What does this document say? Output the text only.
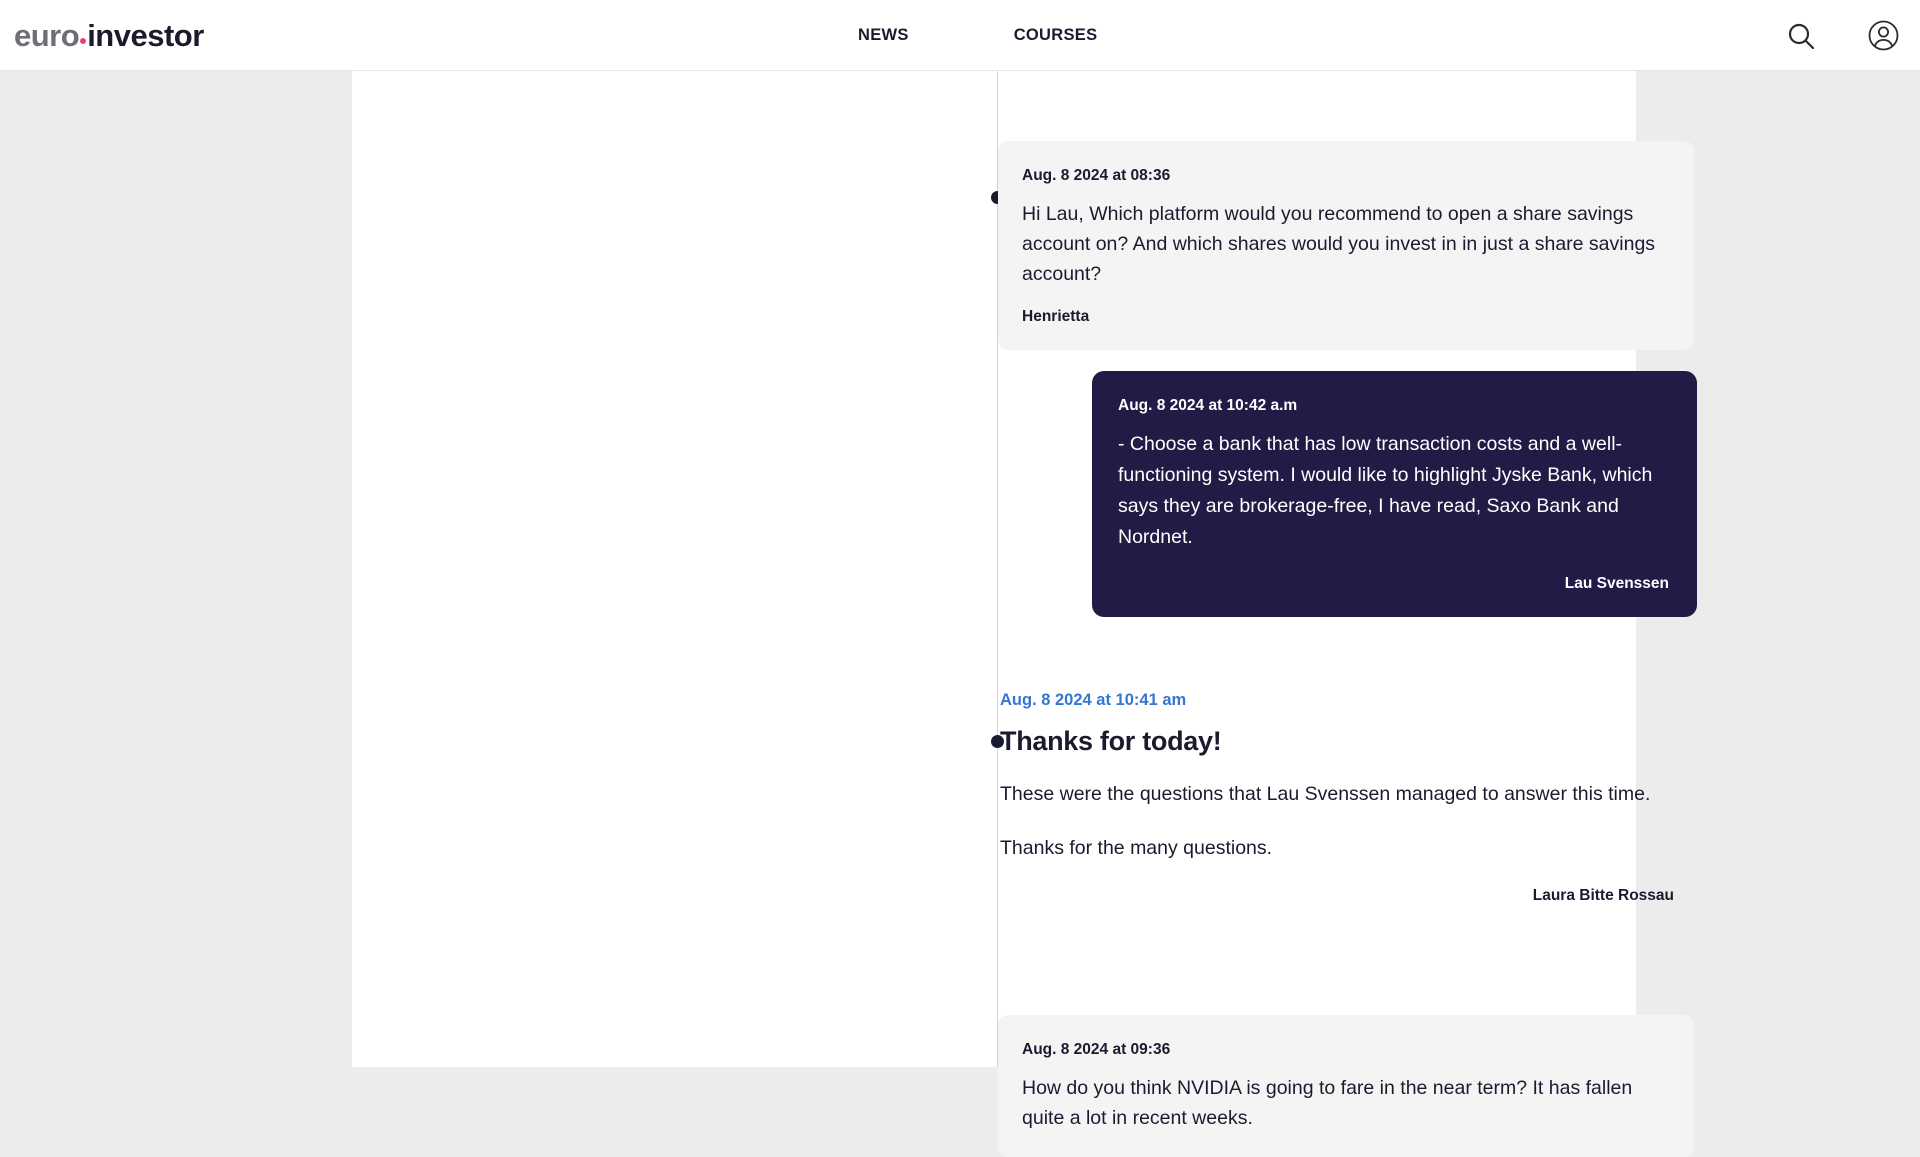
euro investor	NEWS	COURSES
Aug. 8 2024 at 08:36
Hi Lau, Which platform would you recommend to open a share savings account on? And which shares would you invest in in just a share savings account?
Henrietta
Aug. 8 2024 at 10:42 a.m
- Choose a bank that has low transaction costs and a well-functioning system. I would like to highlight Jyske Bank, which says they are brokerage-free, I have read, Saxo Bank and Nordnet.
Lau Svenssen
Aug. 8 2024 at 10:41 am
Thanks for today!

These were the questions that Lau Svenssen managed to answer this time.

Thanks for the many questions.

Laura Bitte Rossau
Aug. 8 2024 at 09:36
How do you think NVIDIA is going to fare in the near term? It has fallen quite a lot in recent weeks.
